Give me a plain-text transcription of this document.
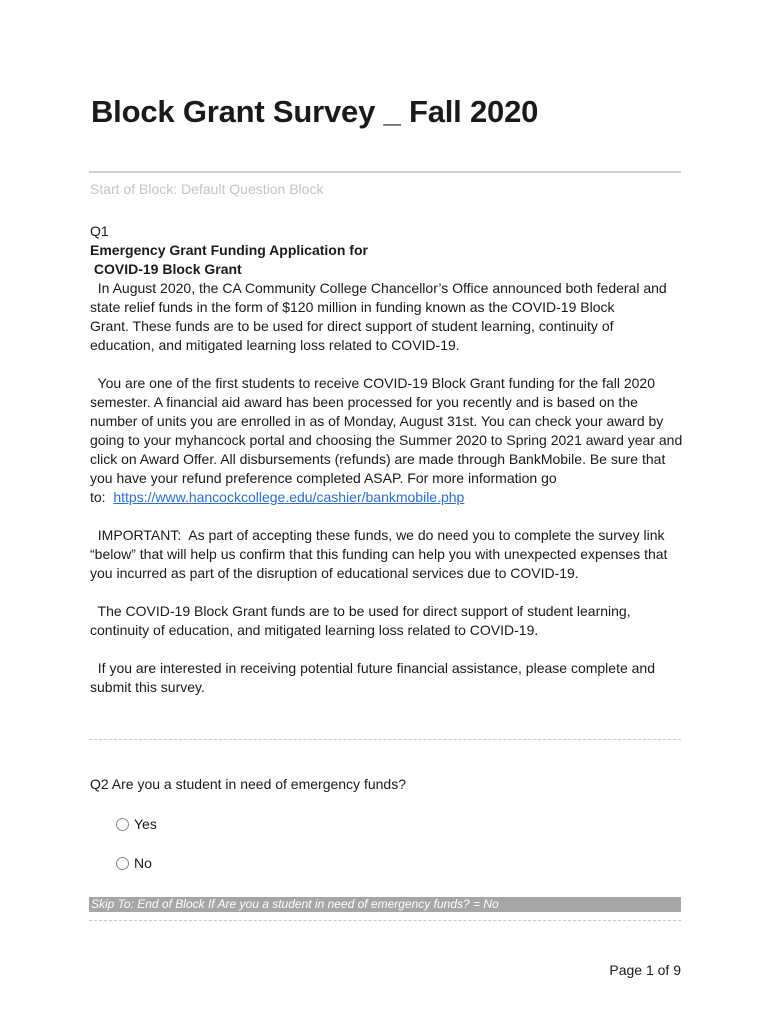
Block Grant Survey _ Fall 2020
Start of Block: Default Question Block

Q1

Emergency Grant Funding Application for

COVID-19 Block Grant

In August 2020, the CA Community College Chancellor’s Office announced both federal and

state relief funds in the form of $120 million in funding known as the COVID-19 Block

Grant. These funds are to be used for direct support of student learning, continuity of

education, and mitigated learning loss related to COVID-19.

You are one of the first students to receive COVID-19 Block Grant funding for the fall 2020

semester. A financial aid award has been processed for you recently and is based on the

number of units you are enrolled in as of Monday, August 31st. You can check your award by

going to your myhancock portal and choosing the Summer 2020 to Spring 2021 award year and

click on Award Offer. All disbursements (refunds) are made through BankMobile. Be sure that

you have your refund preference completed ASAP. For more information go

to:  https://www.hancockcollege.edu/cashier/bankmobile.php

IMPORTANT:  As part of accepting these funds, we do need you to complete the survey link

“below” that will help us confirm that this funding can help you with unexpected expenses that

you incurred as part of the disruption of educational services due to COVID-19.

The COVID-19 Block Grant funds are to be used for direct support of student learning,

continuity of education, and mitigated learning loss related to COVID-19.

If you are interested in receiving potential future financial assistance, please complete and

submit this survey.

Q2 Are you a student in need of emergency funds?
Yes
No
Skip To: End of Block If Are you a student in need of emergency funds? = No
Page 1 of 9
